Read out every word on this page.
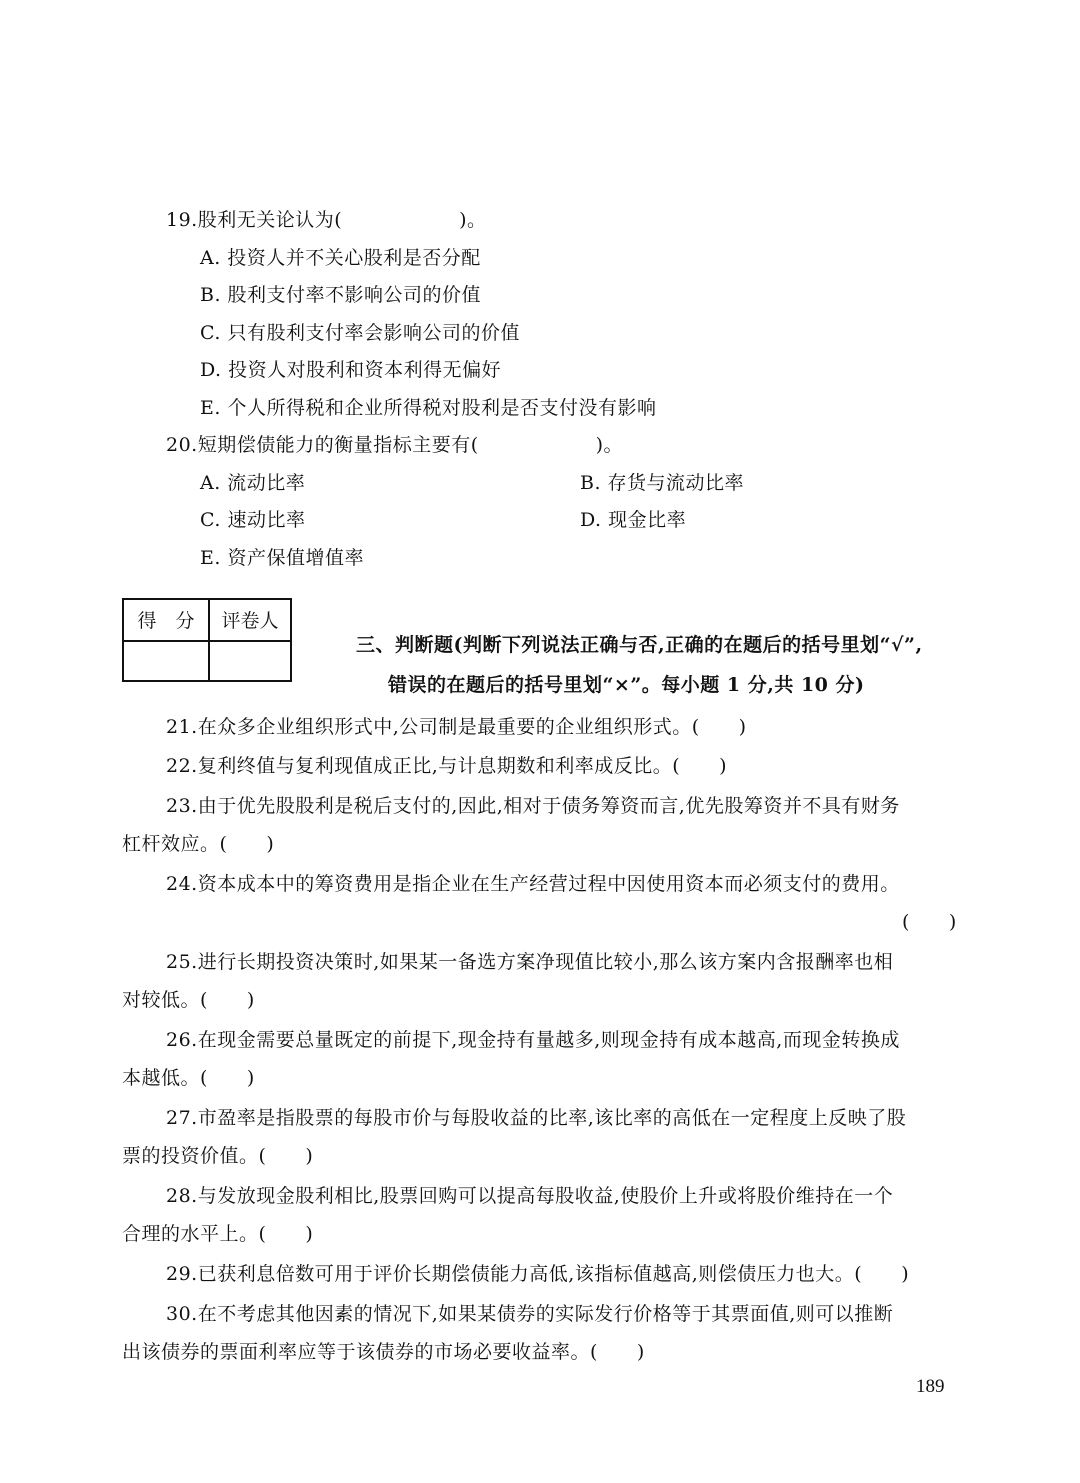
19.股利无关论认为(　　　　　　)。
A. 投资人并不关心股利是否分配
B. 股利支付率不影响公司的价值
C. 只有股利支付率会影响公司的价值
D. 投资人对股利和资本利得无偏好
E. 个人所得税和企业所得税对股利是否支付没有影响
20.短期偿债能力的衡量指标主要有(　　　　　　)。
A. 流动比率	B. 存货与流动比率
C. 速动比率	D. 现金比率
E. 资产保值增值率
得　分	评卷人
三、判断题(判断下列说法正确与否,正确的在题后的括号里划“√”,
错误的在题后的括号里划“×”。每小题 1 分,共 10 分)
21.在众多企业组织形式中,公司制是最重要的企业组织形式。(　　)
22.复利终值与复利现值成正比,与计息期数和利率成反比。(　　)
23.由于优先股股利是税后支付的,因此,相对于债务筹资而言,优先股筹资并不具有财务
杠杆效应。(　　)
24.资本成本中的筹资费用是指企业在生产经营过程中因使用资本而必须支付的费用。
(　　)
25.进行长期投资决策时,如果某一备选方案净现值比较小,那么该方案内含报酬率也相
对较低。(　　)
26.在现金需要总量既定的前提下,现金持有量越多,则现金持有成本越高,而现金转换成
本越低。(　　)
27.市盈率是指股票的每股市价与每股收益的比率,该比率的高低在一定程度上反映了股
票的投资价值。(　　)
28.与发放现金股利相比,股票回购可以提高每股收益,使股价上升或将股价维持在一个
合理的水平上。(　　)
29.已获利息倍数可用于评价长期偿债能力高低,该指标值越高,则偿债压力也大。(　　)
30.在不考虑其他因素的情况下,如果某债券的实际发行价格等于其票面值,则可以推断
出该债券的票面利率应等于该债券的市场必要收益率。(　　)
189
